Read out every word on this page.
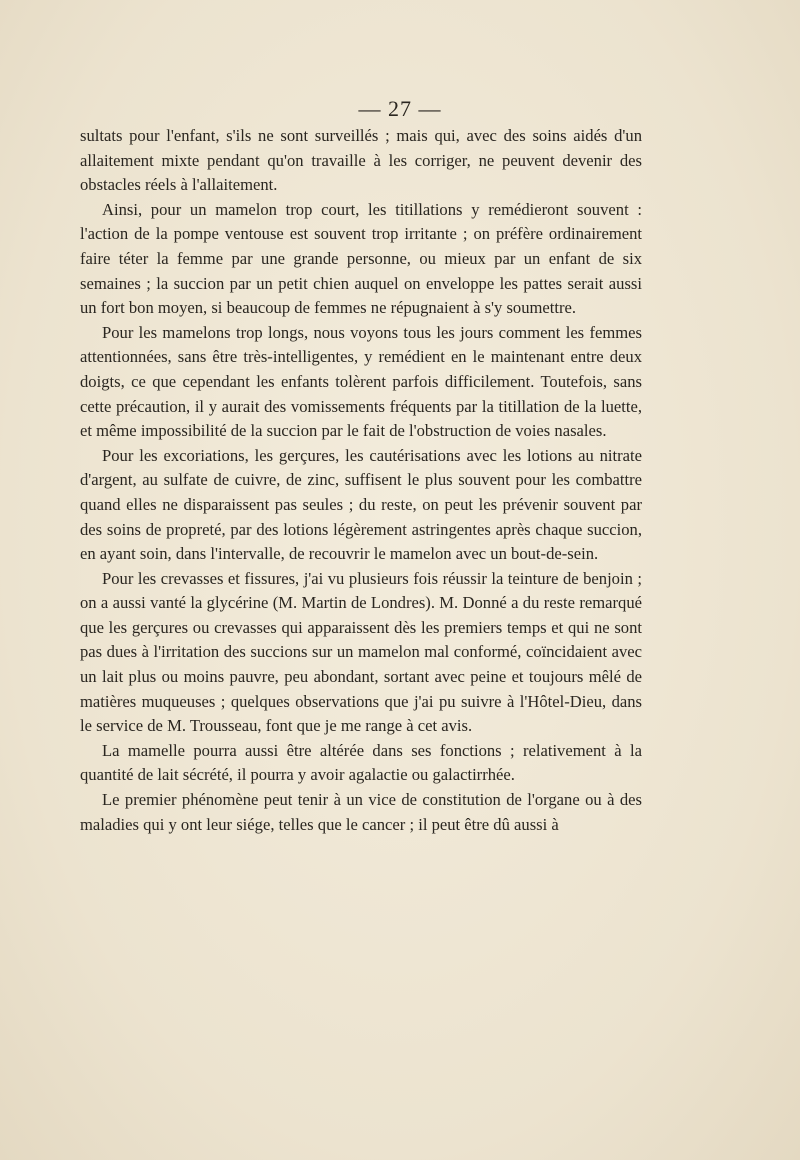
— 27 —

sultats pour l'enfant, s'ils ne sont surveillés ; mais qui, avec des soins aidés d'un allaitement mixte pendant qu'on travaille à les corriger, ne peuvent devenir des obstacles réels à l'allaitement.

Ainsi, pour un mamelon trop court, les titillations y remédieront souvent : l'action de la pompe ventouse est souvent trop irritante ; on préfère ordinairement faire téter la femme par une grande personne, ou mieux par un enfant de six semaines ; la succion par un petit chien auquel on enveloppe les pattes serait aussi un fort bon moyen, si beaucoup de femmes ne répugnaient à s'y soumettre.

Pour les mamelons trop longs, nous voyons tous les jours comment les femmes attentionnées, sans être très-intelligentes, y remédient en le maintenant entre deux doigts, ce que cependant les enfants tolèrent parfois difficilement. Toutefois, sans cette précaution, il y aurait des vomissements fréquents par la titillation de la luette, et même impossibilité de la succion par le fait de l'obstruction de voies nasales.

Pour les excoriations, les gerçures, les cautérisations avec les lotions au nitrate d'argent, au sulfate de cuivre, de zinc, suffisent le plus souvent pour les combattre quand elles ne disparaissent pas seules ; du reste, on peut les prévenir souvent par des soins de propreté, par des lotions légèrement astringentes après chaque succion, en ayant soin, dans l'intervalle, de recouvrir le mamelon avec un bout-de-sein.

Pour les crevasses et fissures, j'ai vu plusieurs fois réussir la teinture de benjoin ; on a aussi vanté la glycérine (M. Martin de Londres). M. Donné a du reste remarqué que les gerçures ou crevasses qui apparaissent dès les premiers temps et qui ne sont pas dues à l'irritation des succions sur un mamelon mal conformé, coïncidaient avec un lait plus ou moins pauvre, peu abondant, sortant avec peine et toujours mêlé de matières muqueuses ; quelques observations que j'ai pu suivre à l'Hôtel-Dieu, dans le service de M. Trousseau, font que je me range à cet avis.

La mamelle pourra aussi être altérée dans ses fonctions ; relativement à la quantité de lait sécrété, il pourra y avoir agalactie ou galactirrhée.

Le premier phénomène peut tenir à un vice de constitution de l'organe ou à des maladies qui y ont leur siége, telles que le cancer ; il peut être dû aussi à
